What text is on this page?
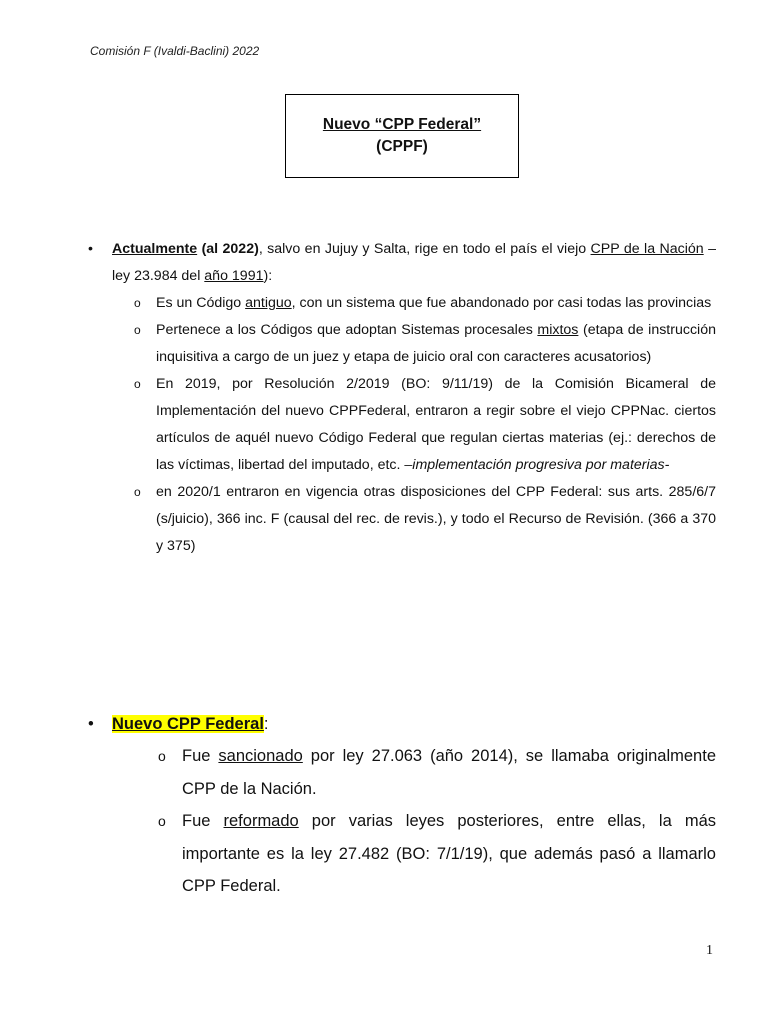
Comisión F (Ivaldi-Baclini) 2022
Nuevo “CPP Federal”
(CPPF)
• Actualmente (al 2022), salvo en Jujuy y Salta, rige en todo el país el viejo CPP de la Nación – ley 23.984 del año 1991):
o Es un Código antiguo, con un sistema que fue abandonado por casi todas las provincias
o Pertenece a los Códigos que adoptan Sistemas procesales mixtos (etapa de instrucción inquisitiva a cargo de un juez y etapa de juicio oral con caracteres acusatorios)
o En 2019, por Resolución 2/2019 (BO: 9/11/19) de la Comisión Bicameral de Implementación del nuevo CPPFederal, entraron a regir sobre el viejo CPPNac. ciertos artículos de aquél nuevo Código Federal que regulan ciertas materias (ej.: derechos de las víctimas, libertad del imputado, etc. –implementación progresiva por materias-
o en 2020/1 entraron en vigencia otras disposiciones del CPP Federal: sus arts. 285/6/7 (s/juicio), 366 inc. F (causal del rec. de revis.), y todo el Recurso de Revisión. (366 a 370 y 375)
• Nuevo CPP Federal:
o Fue sancionado por ley 27.063 (año 2014), se llamaba originalmente CPP de la Nación.
o Fue reformado por varias leyes posteriores, entre ellas, la más importante es la ley 27.482 (BO: 7/1/19), que además pasó a llamarlo CPP Federal.
1
